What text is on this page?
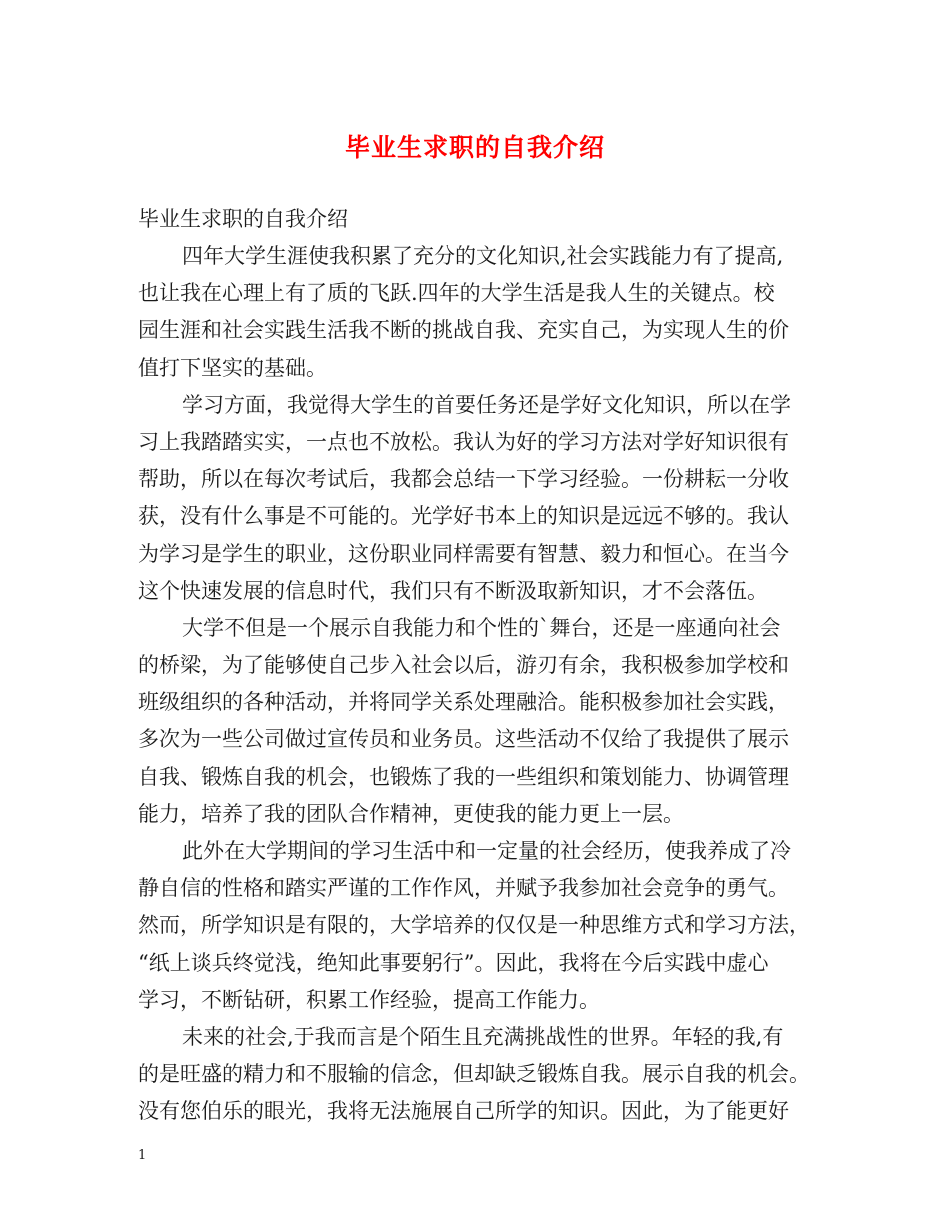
毕业生求职的自我介绍
毕业生求职的自我介绍
四年大学生涯使我积累了充分的文化知识,社会实践能力有了提高,
也让我在心理上有了质的飞跃.四年的大学生活是我人生的关键点。校
园生涯和社会实践生活我不断的挑战自我、充实自己，为实现人生的价
值打下坚实的基础。
学习方面，我觉得大学生的首要任务还是学好文化知识，所以在学
习上我踏踏实实，一点也不放松。我认为好的学习方法对学好知识很有
帮助，所以在每次考试后，我都会总结一下学习经验。一份耕耘一分收
获，没有什么事是不可能的。光学好书本上的知识是远远不够的。我认
为学习是学生的职业，这份职业同样需要有智慧、毅力和恒心。在当今
这个快速发展的信息时代，我们只有不断汲取新知识，才不会落伍。
大学不但是一个展示自我能力和个性的`舞台，还是一座通向社会
的桥梁，为了能够使自己步入社会以后，游刃有余，我积极参加学校和
班级组织的各种活动，并将同学关系处理融洽。能积极参加社会实践，
多次为一些公司做过宣传员和业务员。这些活动不仅给了我提供了展示
自我、锻炼自我的机会，也锻炼了我的一些组织和策划能力、协调管理
能力，培养了我的团队合作精神，更使我的能力更上一层。
此外在大学期间的学习生活中和一定量的社会经历，使我养成了冷
静自信的性格和踏实严谨的工作作风，并赋予我参加社会竞争的勇气。
然而，所学知识是有限的，大学培养的仅仅是一种思维方式和学习方法，
“纸上谈兵终觉浅，绝知此事要躬行”。因此，我将在今后实践中虚心
学习，不断钻研，积累工作经验，提高工作能力。
未来的社会,于我而言是个陌生且充满挑战性的世界。年轻的我,有
的是旺盛的精力和不服输的信念，但却缺乏锻炼自我。展示自我的机会。
没有您伯乐的眼光，我将无法施展自己所学的知识。因此，为了能更好
1
